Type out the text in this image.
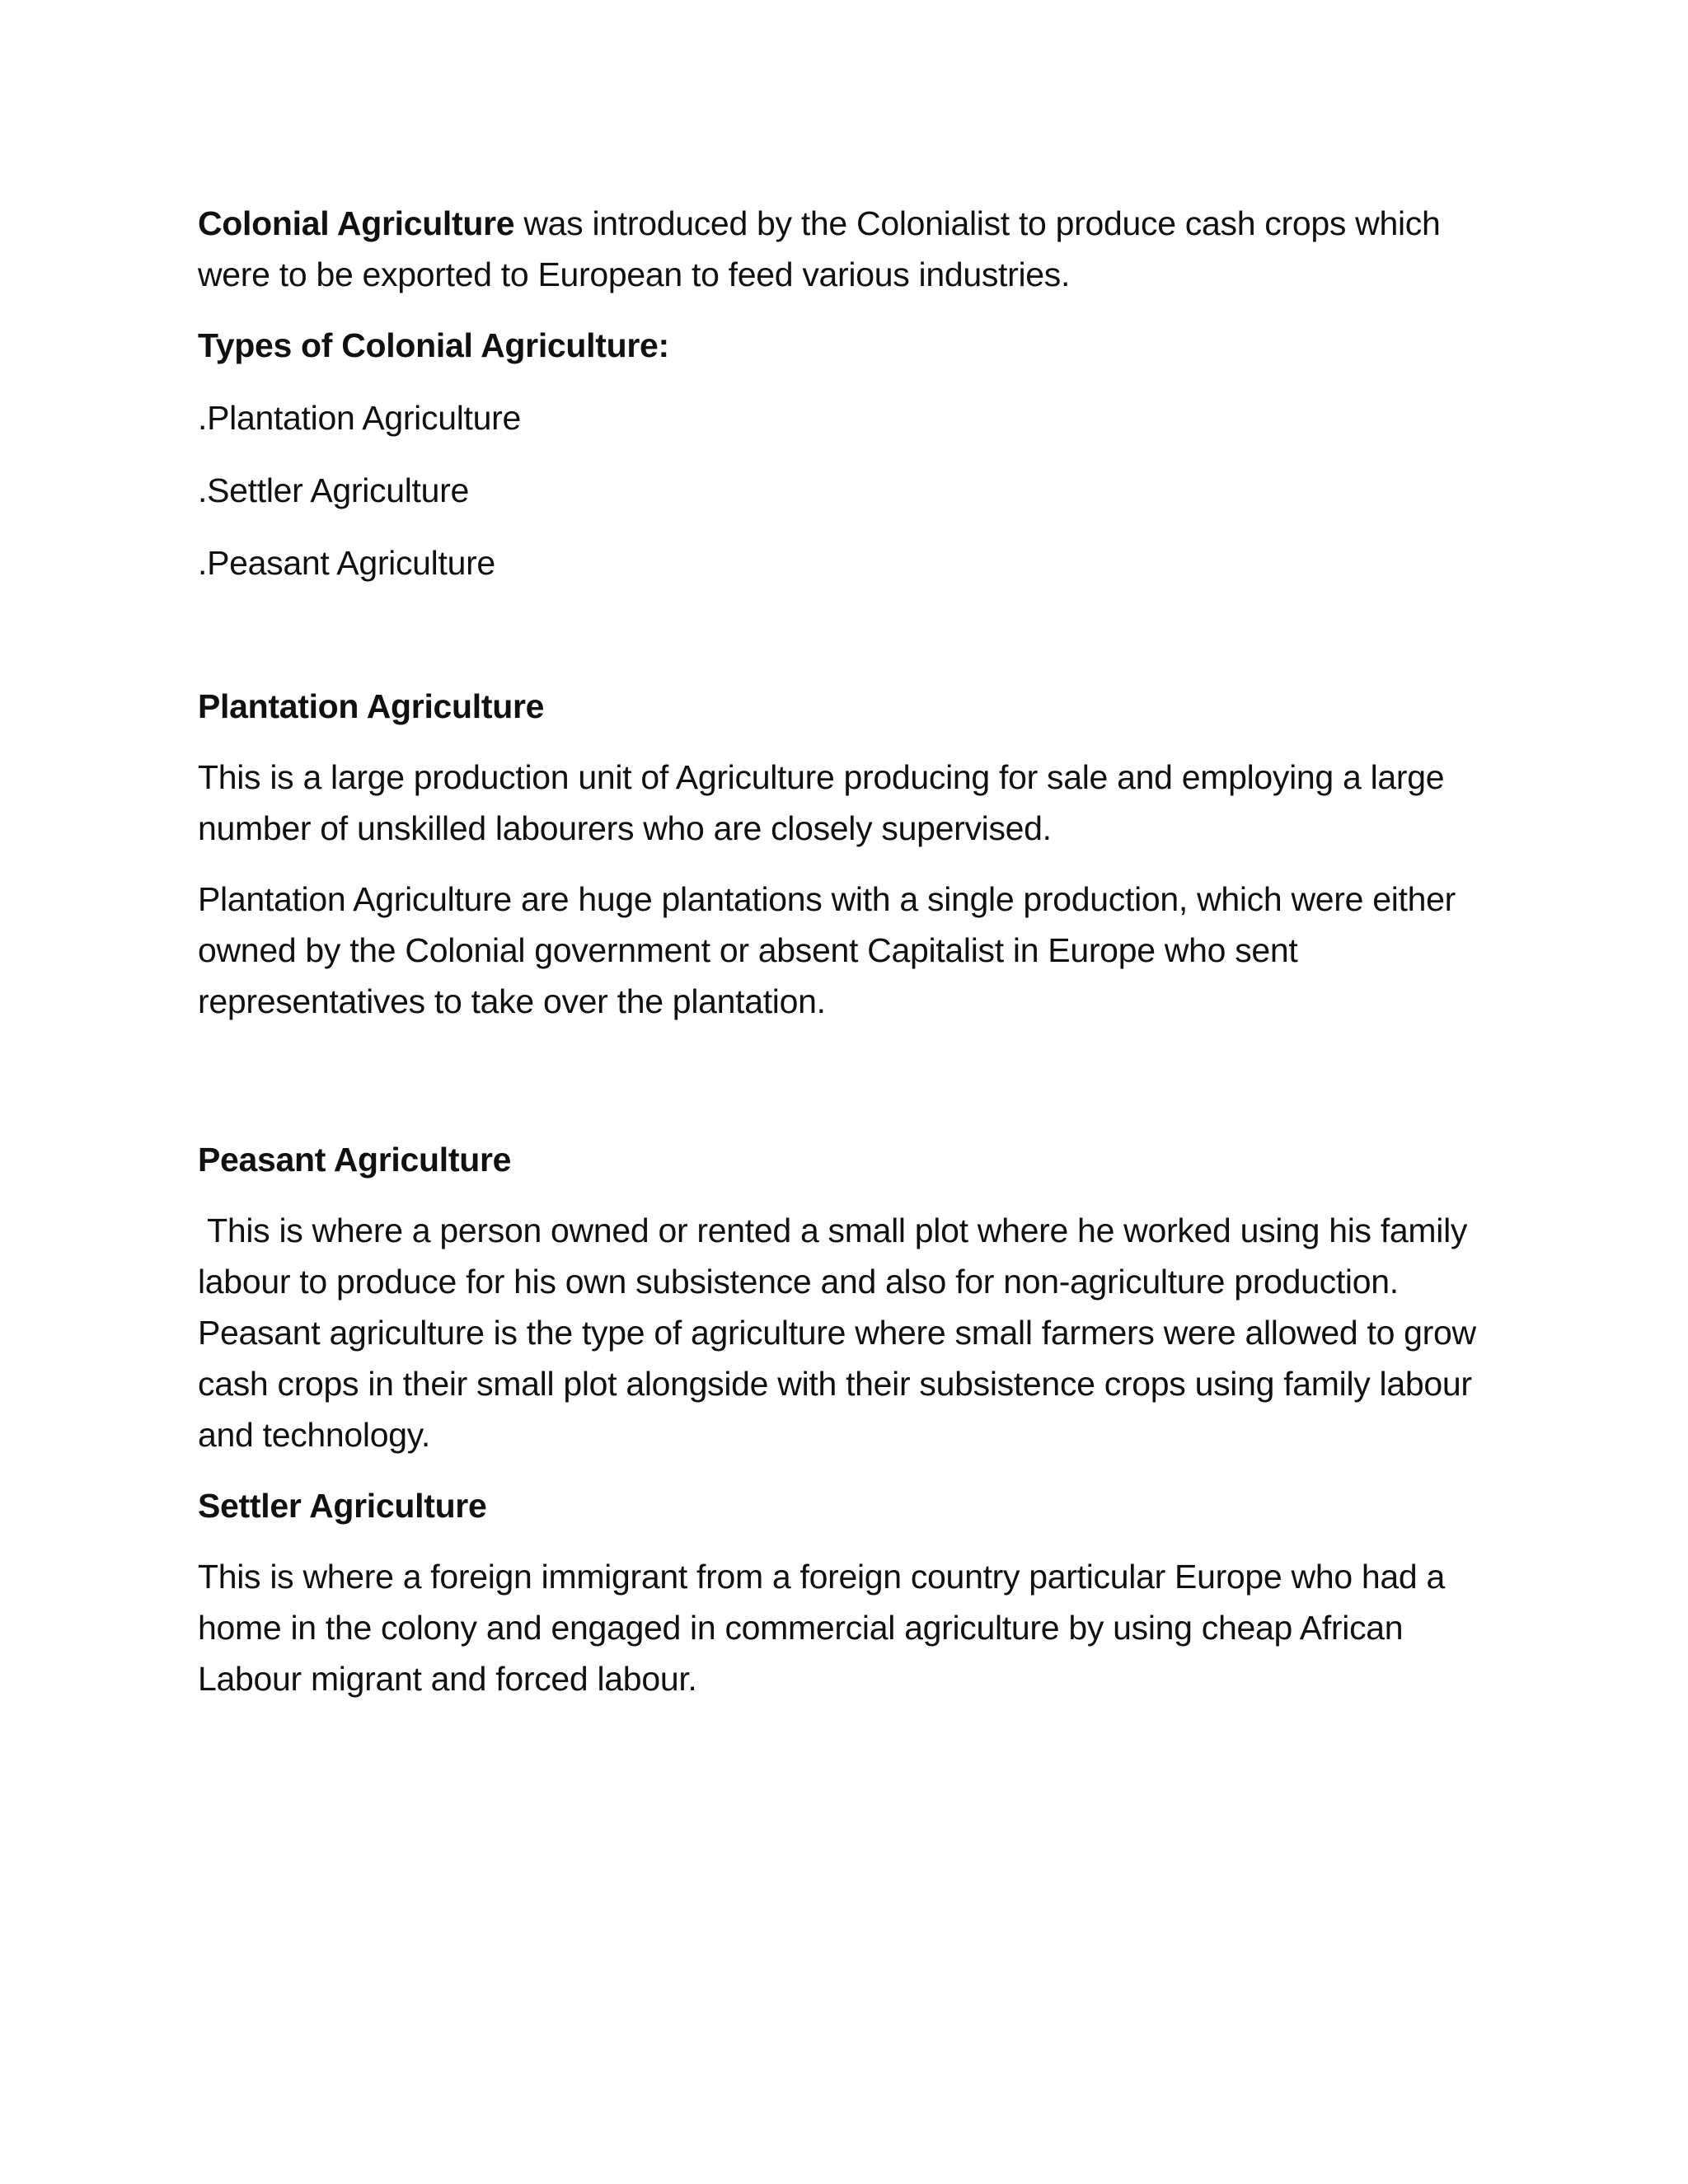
Colonial Agriculture was introduced by the Colonialist to produce cash crops which were to be exported to European to feed various industries.

Types of Colonial Agriculture:

.Plantation Agriculture

.Settler Agriculture

.Peasant Agriculture

Plantation Agriculture

This is a large production unit of Agriculture producing for sale and employing a large number of unskilled labourers who are closely supervised.

Plantation Agriculture are huge plantations with a single production, which were either owned by the Colonial government or absent Capitalist in Europe who sent representatives to take over the plantation.

Peasant Agriculture

This is where a person owned or rented a small plot where he worked using his family labour to produce for his own subsistence and also for non-agriculture production. Peasant agriculture is the type of agriculture where small farmers were allowed to grow cash crops in their small plot alongside with their subsistence crops using family labour and technology.

Settler Agriculture

This is where a foreign immigrant from a foreign country particular Europe who had a home in the colony and engaged in commercial agriculture by using cheap African Labour migrant and forced labour.
